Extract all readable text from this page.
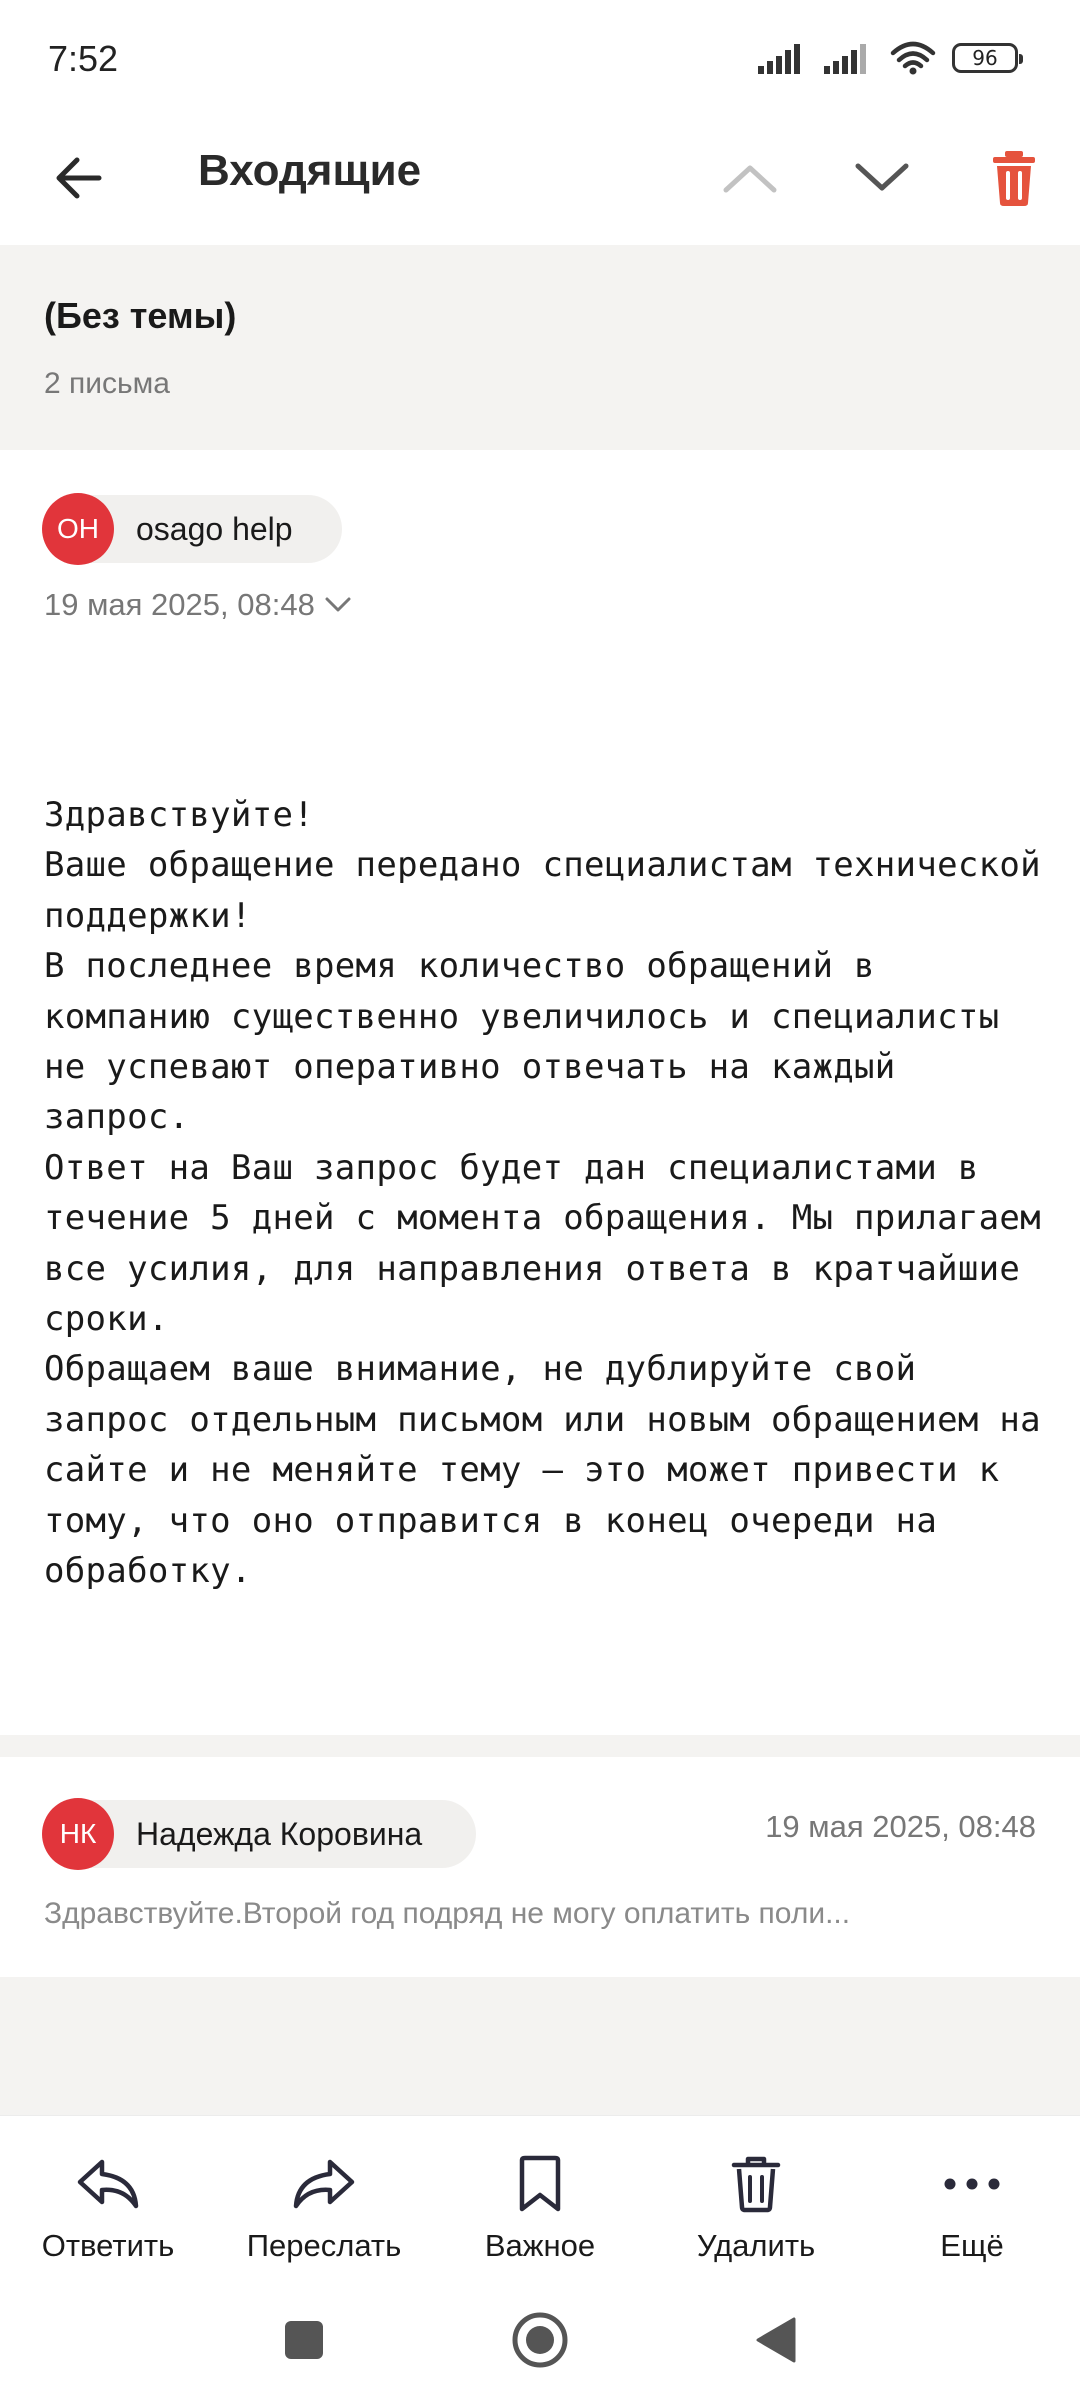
7:52	96
Входящие
(Без темы)
2 письма
OH	osago help
19 мая 2025, 08:48

Здравствуйте!

Ваше обращение передано специалистам технической поддержки!

В последнее время количество обращений в компанию существенно увеличилось и специалисты не успевают оперативно отвечать на каждый запрос.

Ответ на Ваш запрос будет дан специалистами в течение 5 дней с момента обращения. Мы прилагаем все усилия, для направления ответа в кратчайшие сроки.

Обращаем ваше внимание, не дублируйте свой запрос отдельным письмом или новым обращением на сайте и не меняйте тему – это может привести к тому, что оно отправится в конец очереди на обработку.

НК	Надежда Коровина	19 мая 2025, 08:48
Здравствуйте.Второй год подряд не могу оплатить поли...
Ответить Переслать	Важное	Удалить	Ещё
